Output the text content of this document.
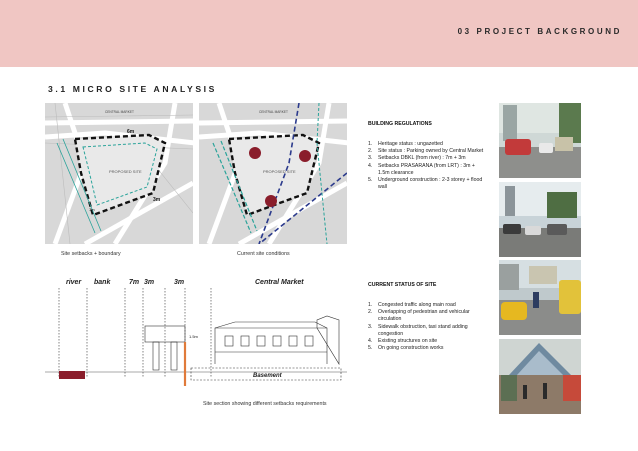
03 PROJECT BACKGROUND
3.1 MICRO SITE ANALYSIS
CENTRAL MARKET
PROPOSED SITE
6m
3m
7m
Site setbacks + boundary
CENTRAL MARKET
PROPOSED SITE
Current site conditions
river bank	7m 3m	3m	Central Market
Basement
1.5m
Site section showing different setbacks requirements
BUILDING REGULATIONS
1. Heritage status : ungazetted
2. Site status : Parking owned by Central Market
3. Setbacks DBKL (from river) : 7m + 3m
4. Setbacks PRASARANA (from LRT) : 3m + 1.5m clearance
5. Underground construction : 2-3 storey + flood wall
CURRENT STATUS OF SITE
1. Congested traffic along main road
2. Overlapping of pedestrian and vehicular circulation
3. Sidewalk obstruction, taxi stand adding congestion
4. Existing structures on site
5. On going construction works
